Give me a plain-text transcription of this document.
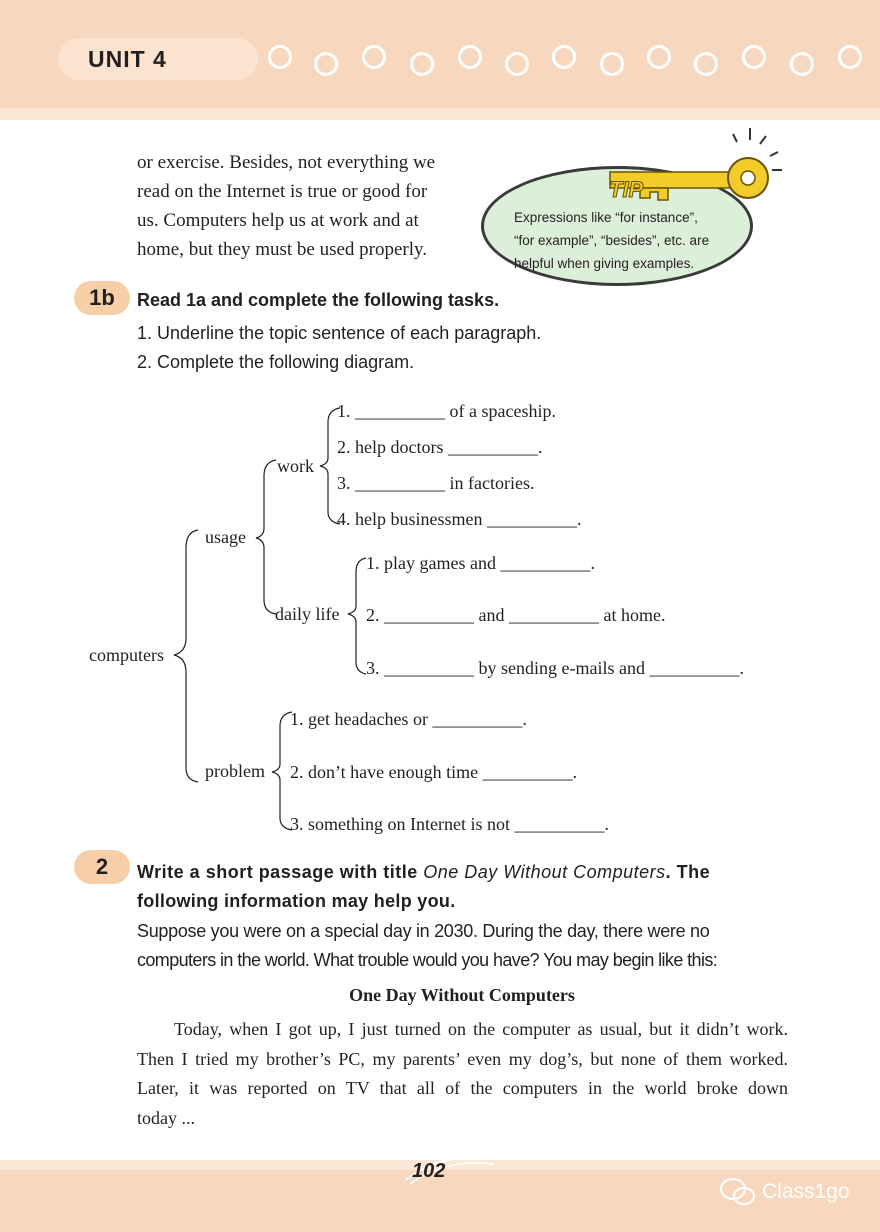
UNIT 4
or exercise. Besides, not everything we
read on the Internet is true or good for
us. Computers help us at work and at
home, but they must be used properly.
TIP
Expressions like “for instance”,
“for example”, “besides”, etc. are
helpful when giving examples.
1b	Read 1a and complete the following tasks.
1. Underline the topic sentence of each paragraph.
2. Complete the following diagram.
computers
usage
work
1. __________ of a spaceship.
2. help doctors __________.
3. __________ in factories.
4. help businessmen __________.
daily life
1. play games and __________.
2. __________ and __________ at home.
3. __________ by sending e-mails and __________.
problem
1. get headaches or __________.
2. don’t have enough time __________.
3. something on Internet is not __________.
2	Write a short passage with title One Day Without Computers. The
following information may help you.
Suppose you were on a special day in 2030. During the day, there were no
computers in the world. What trouble would you have? You may begin like this:
One Day Without Computers
Today, when I got up, I just turned on the computer as usual, but it didn’t work.
Then I tried my brother’s PC, my parents’ even my dog’s, but none of them worked.
Later, it was reported on TV that all of the computers in the world broke down
today ...
102
Class1go
